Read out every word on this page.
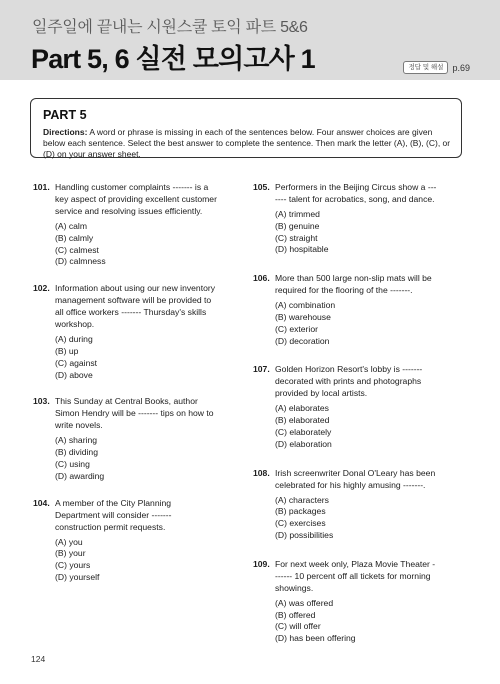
일주일에 끝내는 시원스쿨 토익 파트 5&6
Part 5, 6 실전 모의고사 1	정답 및 해설	p.69
PART 5
Directions: A word or phrase is missing in each of the sentences below. Four answer choices are given below each sentence. Select the best answer to complete the sentence. Then mark the letter (A), (B), (C), or (D) on your answer sheet.
101. Handling customer complaints ------- is a key aspect of providing excellent customer service and resolving issues efficiently.
(A) calm
(B) calmly
(C) calmest
(D) calmness
102. Information about using our new inventory management software will be provided to all office workers ------- Thursday's skills workshop.
(A) during
(B) up
(C) against
(D) above
103. This Sunday at Central Books, author Simon Hendry will be ------- tips on how to write novels.
(A) sharing
(B) dividing
(C) using
(D) awarding
104. A member of the City Planning Department will consider ------- construction permit requests.
(A) you
(B) your
(C) yours
(D) yourself
105. Performers in the Beijing Circus show a ------- talent for acrobatics, song, and dance.
(A) trimmed
(B) genuine
(C) straight
(D) hospitable
106. More than 500 large non-slip mats will be required for the flooring of the -------.
(A) combination
(B) warehouse
(C) exterior
(D) decoration
107. Golden Horizon Resort's lobby is ------- decorated with prints and photographs provided by local artists.
(A) elaborates
(B) elaborated
(C) elaborately
(D) elaboration
108. Irish screenwriter Donal O'Leary has been celebrated for his highly amusing -------.
(A) characters
(B) packages
(C) exercises
(D) possibilities
109. For next week only, Plaza Movie Theater ------- 10 percent off all tickets for morning showings.
(A) was offered
(B) offered
(C) will offer
(D) has been offering
124
